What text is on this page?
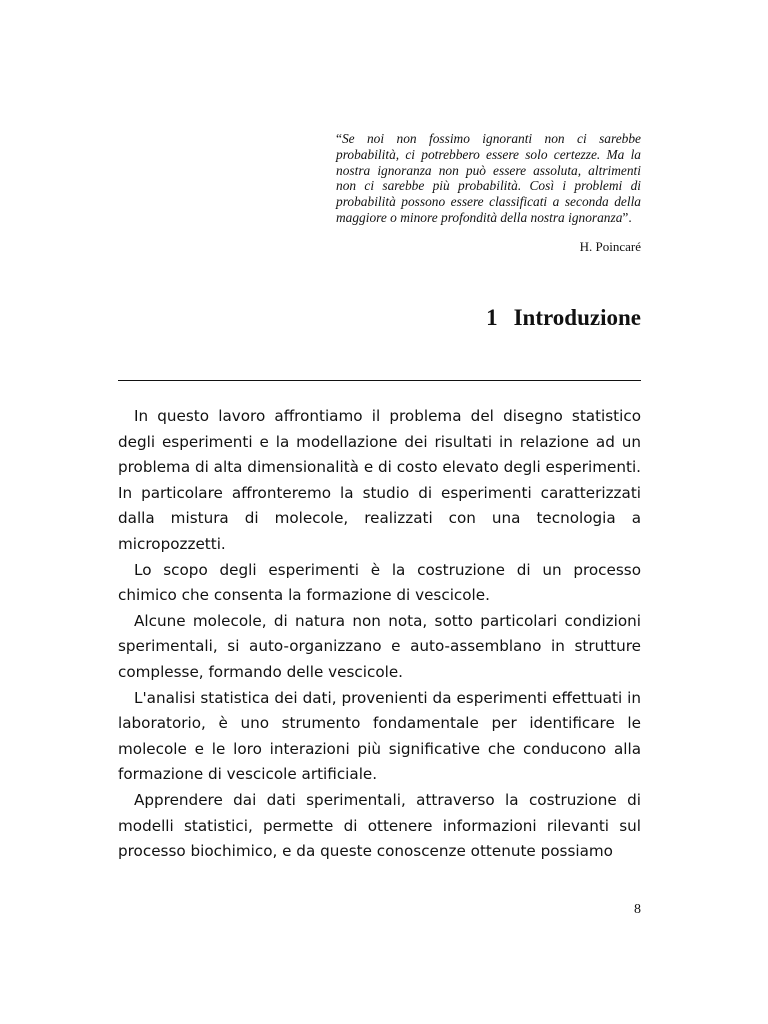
“Se noi non fossimo ignoranti non ci sarebbe probabilità, ci potrebbero essere solo certezze. Ma la nostra ignoranza non può essere assoluta, altrimenti non ci sarebbe più probabilità. Così i problemi di probabilità possono essere classificati a seconda della maggiore o minore profondità della nostra ignoranza”.
H. Poincaré
1 Introduzione

In questo lavoro affrontiamo il problema del disegno statistico degli esperimenti e la modellazione dei risultati in relazione ad un problema di alta dimensionalità e di costo elevato degli esperimenti. In particolare affronteremo la studio di esperimenti caratterizzati dalla mistura di molecole, realizzati con una tecnologia a micropozzetti.

Lo scopo degli esperimenti è la costruzione di un processo chimico che consenta la formazione di vescicole.

Alcune molecole, di natura non nota, sotto particolari condizioni sperimentali, si auto-organizzano e auto-assemblano in strutture complesse, formando delle vescicole.

L'analisi statistica dei dati, provenienti da esperimenti effettuati in laboratorio, è uno strumento fondamentale per identificare le molecole e le loro interazioni più significative che conducono alla formazione di vescicole artificiale.

Apprendere dai dati sperimentali, attraverso la costruzione di modelli statistici, permette di ottenere informazioni rilevanti sul processo biochimico, e da queste conoscenze ottenute possiamo

8
